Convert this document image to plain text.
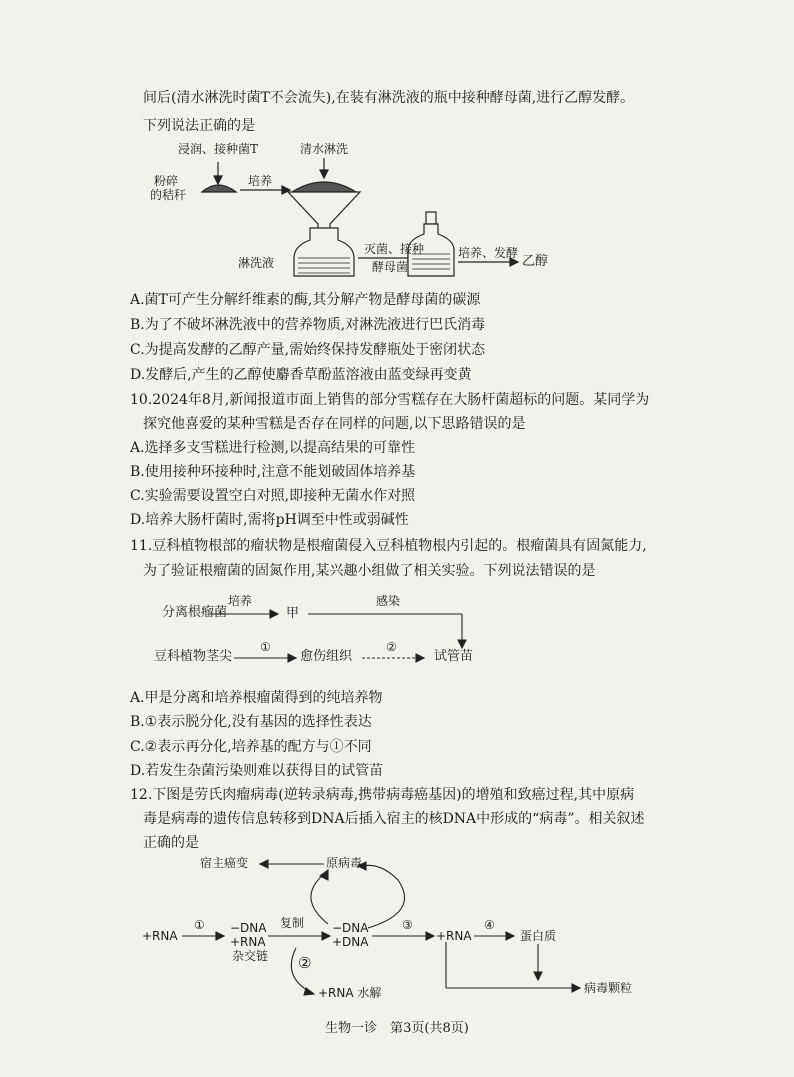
间后(清水淋洗时菌T不会流失),在装有淋洗液的瓶中接种酵母菌,进行乙醇发酵。
下列说法正确的是
浸润、接种菌T	清水淋洗
粉碎
的秸秆
培养
淋洗液
灭菌、接种
酵母菌
培养、发酵
乙醇
A.菌T可产生分解纤维素的酶,其分解产物是酵母菌的碳源
B.为了不破坏淋洗液中的营养物质,对淋洗液进行巴氏消毒
C.为提高发酵的乙醇产量,需始终保持发酵瓶处于密闭状态
D.发酵后,产生的乙醇使麝香草酚蓝溶液由蓝变绿再变黄
10.2024年8月,新闻报道市面上销售的部分雪糕存在大肠杆菌超标的问题。某同学为
探究他喜爱的某种雪糕是否存在同样的问题,以下思路错误的是
A.选择多支雪糕进行检测,以提高结果的可靠性
B.使用接种环接种时,注意不能划破固体培养基
C.实验需要设置空白对照,即接种无菌水作对照
D.培养大肠杆菌时,需将pH调至中性或弱碱性
11.豆科植物根部的瘤状物是根瘤菌侵入豆科植物根内引起的。根瘤菌具有固氮能力,
为了验证根瘤菌的固氮作用,某兴趣小组做了相关实验。下列说法错误的是
分离根瘤菌
培养
甲
感染
豆科植物茎尖
①
愈伤组织
②
试管苗
A.甲是分离和培养根瘤菌得到的纯培养物
B.①表示脱分化,没有基因的选择性表达
C.②表示再分化,培养基的配方与①不同
D.若发生杂菌污染则难以获得目的试管苗
12.下图是劳氏肉瘤病毒(逆转录病毒,携带病毒癌基因)的增殖和致癌过程,其中原病
毒是病毒的遗传信息转移到DNA后插入宿主的核DNA中形成的“病毒”。相关叙述
正确的是
宿主癌变	原病毒
+RNA
① −DNA
+RNA
杂交链
复制 −DNA
+DNA
③
+RNA
④
蛋白质
②
+RNA 水解	病毒颗粒
生物一诊　第3页(共8页)
